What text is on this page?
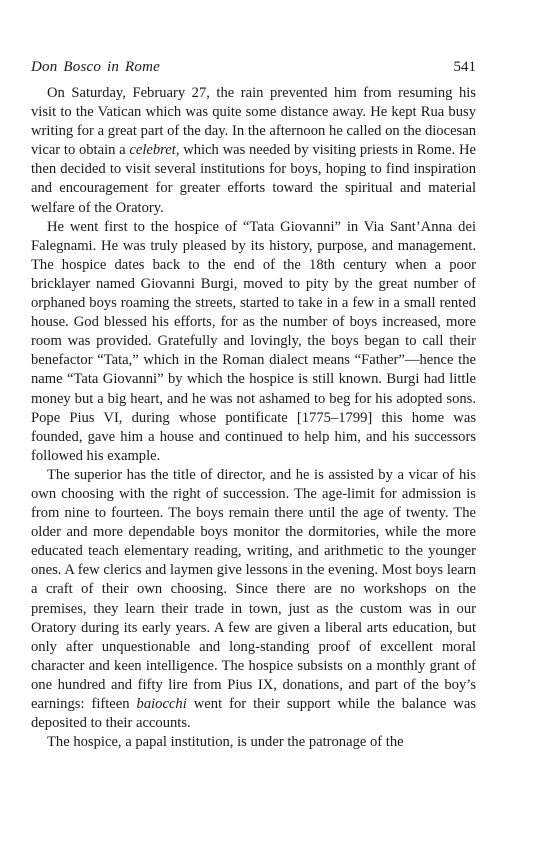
Don Bosco in Rome	541

On Saturday, February 27, the rain prevented him from resuming his visit to the Vatican which was quite some distance away. He kept Rua busy writing for a great part of the day. In the afternoon he called on the diocesan vicar to obtain a celebret, which was needed by visiting priests in Rome. He then decided to visit several institutions for boys, hoping to find inspiration and encouragement for greater efforts toward the spiritual and material welfare of the Oratory.

He went first to the hospice of “Tata Giovanni” in Via Sant’Anna dei Falegnami. He was truly pleased by its history, purpose, and management. The hospice dates back to the end of the 18th century when a poor bricklayer named Giovanni Burgi, moved to pity by the great number of orphaned boys roaming the streets, started to take in a few in a small rented house. God blessed his efforts, for as the number of boys increased, more room was provided. Gratefully and lovingly, the boys began to call their benefactor “Tata,” which in the Roman dialect means “Father”—hence the name “Tata Giovanni” by which the hospice is still known. Burgi had little money but a big heart, and he was not ashamed to beg for his adopted sons. Pope Pius VI, during whose pontificate [1775–1799] this home was founded, gave him a house and continued to help him, and his successors followed his example.

The superior has the title of director, and he is assisted by a vicar of his own choosing with the right of succession. The age-limit for admission is from nine to fourteen. The boys remain there until the age of twenty. The older and more dependable boys monitor the dormitories, while the more educated teach elementary reading, writing, and arithmetic to the younger ones. A few clerics and laymen give lessons in the evening. Most boys learn a craft of their own choosing. Since there are no workshops on the premises, they learn their trade in town, just as the custom was in our Oratory during its early years. A few are given a liberal arts education, but only after unquestionable and long-standing proof of excellent moral character and keen intelligence. The hospice subsists on a monthly grant of one hundred and fifty lire from Pius IX, donations, and part of the boy’s earnings: fifteen baiocchi went for their support while the balance was deposited to their accounts.

The hospice, a papal institution, is under the patronage of the
